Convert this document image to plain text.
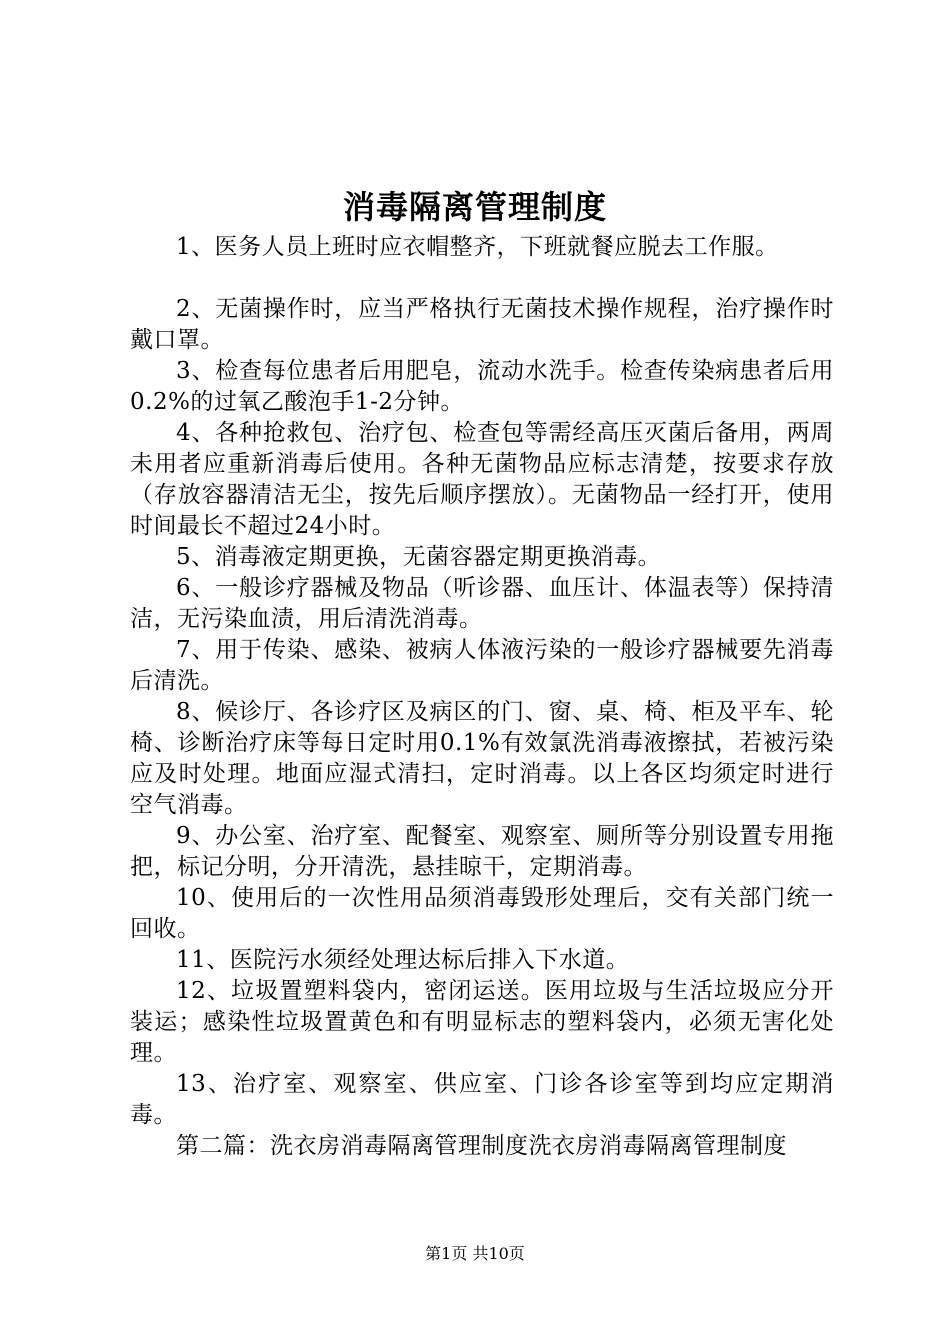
消毒隔离管理制度

1、医务人员上班时应衣帽整齐，下班就餐应脱去工作服。

2、无菌操作时，应当严格执行无菌技术操作规程，治疗操作时戴口罩。

3、检查每位患者后用肥皂，流动水洗手。检查传染病患者后用0.2%的过氧乙酸泡手1-2分钟。

4、各种抢救包、治疗包、检查包等需经高压灭菌后备用，两周未用者应重新消毒后使用。各种无菌物品应标志清楚，按要求存放（存放容器清洁无尘，按先后顺序摆放）。无菌物品一经打开，使用时间最长不超过24小时。

5、消毒液定期更换，无菌容器定期更换消毒。

6、一般诊疗器械及物品（听诊器、血压计、体温表等）保持清洁，无污染血渍，用后清洗消毒。

7、用于传染、感染、被病人体液污染的一般诊疗器械要先消毒后清洗。

8、候诊厅、各诊疗区及病区的门、窗、桌、椅、柜及平车、轮椅、诊断治疗床等每日定时用0.1%有效氯洗消毒液擦拭，若被污染应及时处理。地面应湿式清扫，定时消毒。以上各区均须定时进行空气消毒。

9、办公室、治疗室、配餐室、观察室、厕所等分别设置专用拖把，标记分明，分开清洗，悬挂晾干，定期消毒。

10、使用后的一次性用品须消毒毁形处理后，交有关部门统一回收。

11、医院污水须经处理达标后排入下水道。

12、垃圾置塑料袋内，密闭运送。医用垃圾与生活垃圾应分开装运；感染性垃圾置黄色和有明显标志的塑料袋内，必须无害化处理。

13、治疗室、观察室、供应室、门诊各诊室等到均应定期消毒。

第二篇：洗衣房消毒隔离管理制度洗衣房消毒隔离管理制度

第1页 共10页
